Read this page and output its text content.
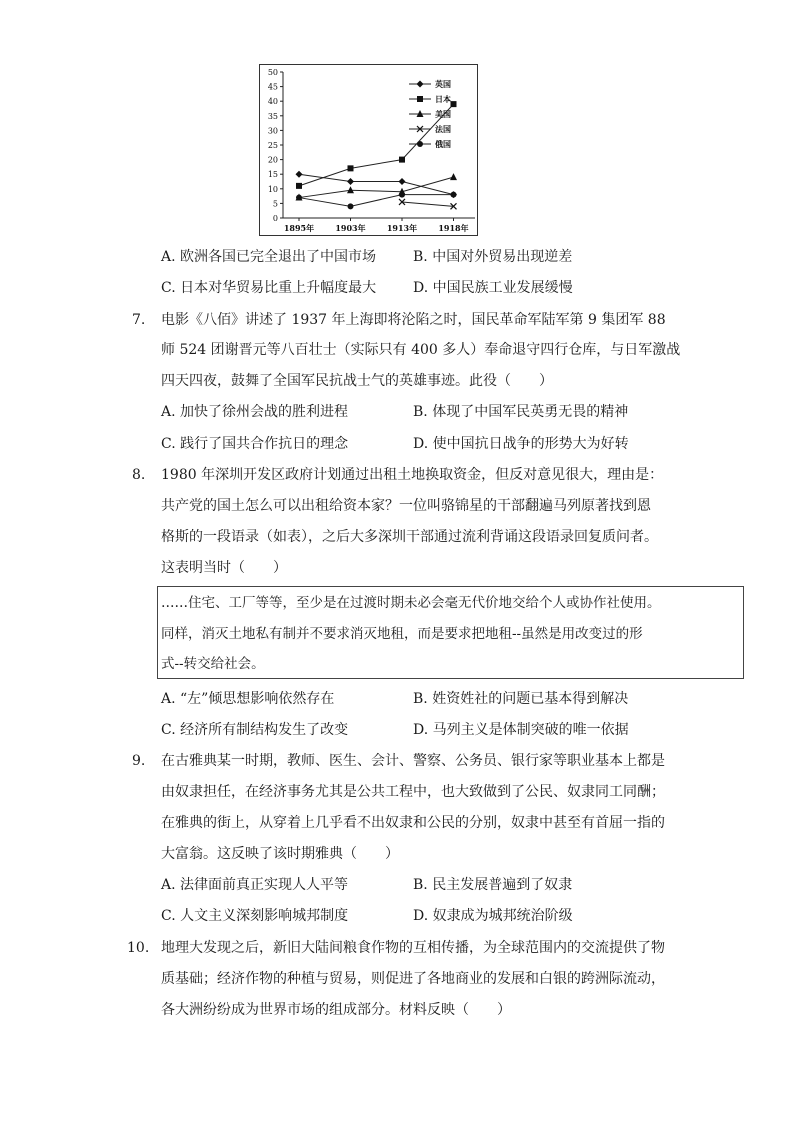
0
5
10
15
20
25
30
35
40
45
50
1895年	1903年	1913年	1918年
英国
日本
美国
法国
俄国
A. 欧洲各国已完全退出了中国市场	B. 中国对外贸易出现逆差
C. 日本对华贸易比重上升幅度最大	D. 中国民族工业发展缓慢
7. 电影《八佰》讲述了 1937 年上海即将沦陷之时，国民革命军陆军第 9 集团军 88
师 524 团谢晋元等八百壮士（实际只有 400 多人）奉命退守四行仓库，与日军激战
四天四夜，鼓舞了全国军民抗战士气的英雄事迹。此役（　　）
A. 加快了徐州会战的胜利进程	B. 体现了中国军民英勇无畏的精神
C. 践行了国共合作抗日的理念	D. 使中国抗日战争的形势大为好转
8. 1980 年深圳开发区政府计划通过出租土地换取资金，但反对意见很大，理由是：
共产党的国土怎么可以出租给资本家？一位叫骆锦星的干部翻遍马列原著找到恩
格斯的一段语录（如表），之后大多深圳干部通过流利背诵这段语录回复质问者。
这表明当时（　　）
……住宅、工厂等等，至少是在过渡时期未必会毫无代价地交给个人或协作社使用。
同样，消灭土地私有制并不要求消灭地租，而是要求把地租--虽然是用改变过的形
式--转交给社会。
A. “左”倾思想影响依然存在	B. 姓资姓社的问题已基本得到解决
C. 经济所有制结构发生了改变	D. 马列主义是体制突破的唯一依据
9. 在古雅典某一时期，教师、医生、会计、警察、公务员、银行家等职业基本上都是
由奴隶担任，在经济事务尤其是公共工程中，也大致做到了公民、奴隶同工同酬；
在雅典的街上，从穿着上几乎看不出奴隶和公民的分别，奴隶中甚至有首屈一指的
大富翁。这反映了该时期雅典（　　）
A. 法律面前真正实现人人平等	B. 民主发展普遍到了奴隶
C. 人文主义深刻影响城邦制度	D. 奴隶成为城邦统治阶级
10. 地理大发现之后，新旧大陆间粮食作物的互相传播，为全球范围内的交流提供了物
质基础；经济作物的种植与贸易，则促进了各地商业的发展和白银的跨洲际流动，
各大洲纷纷成为世界市场的组成部分。材料反映（　　）
